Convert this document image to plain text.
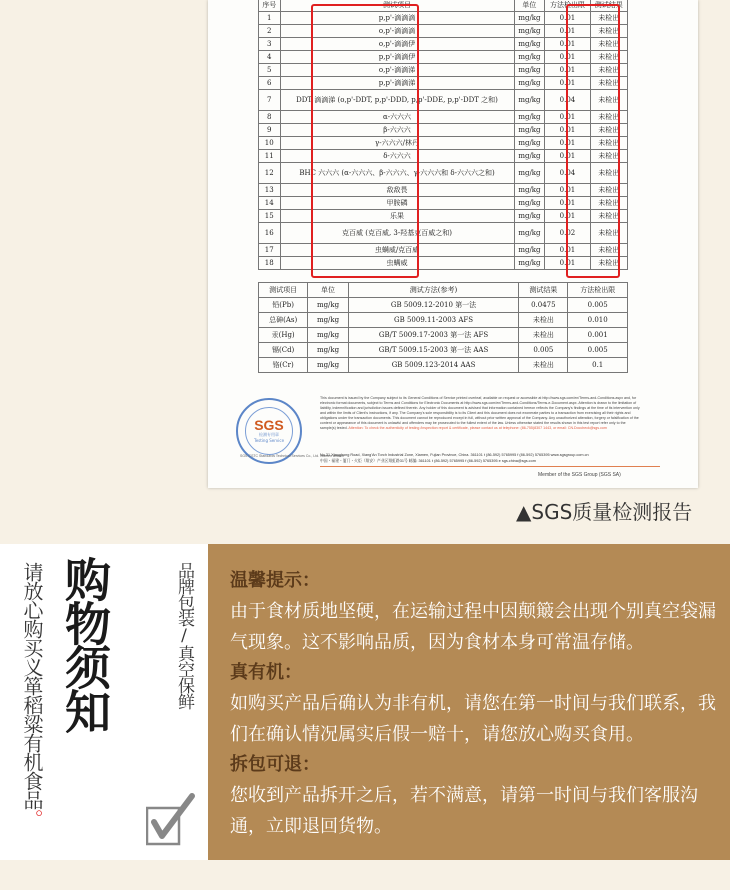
序号	测试项目	单位	方法检出限	测试结果
1	p,p'-滴滴滴	mg/kg	0.01	未检出
2	o,p'-滴滴滴	mg/kg	0.01	未检出
3	o,p'-滴滴伊	mg/kg	0.01	未检出
4	p,p'-滴滴伊	mg/kg	0.01	未检出
5	o,p'-滴滴涕	mg/kg	0.01	未检出
6	p,p'-滴滴涕	mg/kg	0.01	未检出
7	DDT 滴滴涕 (o,p'-DDT, p,p'-DDD, p,p'-DDE, p,p'-DDT 之和)	mg/kg	0.04	未检出
8	α-六六六	mg/kg	0.01	未检出
9	β-六六六	mg/kg	0.01	未检出
10	γ-六六六/林丹	mg/kg	0.01	未检出
11	δ-六六六	mg/kg	0.01	未检出
12	BHC 六六六 (α-六六六、β-六六六、γ-六六六和 δ-六六六之和)	mg/kg	0.04	未检出
13	敌敌畏	mg/kg	0.01	未检出
14	甲胺磷	mg/kg	0.01	未检出
15	乐果	mg/kg	0.01	未检出
16	克百威 (克百威, 3-羟基克百威之和)	mg/kg	0.02	未检出
17	虫螨威/克百威	mg/kg	0.01	未检出
18	虫螨威	mg/kg	0.01	未检出
测试项目	单位	测试方法(参考)	测试结果	方法检出限
铅(Pb)	mg/kg	GB 5009.12-2010 第一法	0.0475	0.005
总砷(As)	mg/kg	GB 5009.11-2003 AFS	未检出	0.010
汞(Hg)	mg/kg	GB/T 5009.17-2003 第一法 AFS	未检出	0.001
镉(Cd)	mg/kg	GB/T 5009.15-2003 第一法 AAS	0.005	0.005
铬(Cr)	mg/kg	GB 5009.123-2014 AAS	未检出	0.1
SGS
检测专用章
Testing Service
SGS-CSTC Standards Technical Services Co., Ltd. Xiamen Branch
This document is issued by the Company subject to its General Conditions of Service printed overleaf, available on request or accessible at http://www.sgs.com/en/Terms-and-Conditions.aspx and, for electronic format documents, subject to Terms and Conditions for Electronic Documents at http://www.sgs.com/en/Terms-and-Conditions/Terms-e-Document.aspx. Attention is drawn to the limitation of liability, indemnification and jurisdiction issues defined therein. Any holder of this document is advised that information contained hereon reflects the Company's findings at the time of its intervention only and within the limits of Client's instructions, if any. The Company's sole responsibility is to its Client and this document does not exonerate parties to a transaction from exercising all their rights and obligations under the transaction documents. This document cannot be reproduced except in full, without prior written approval of the Company. Any unauthorized alteration, forgery or falsification of the content or appearance of this document is unlawful and offenders may be prosecuted to the fullest extent of the law. Unless otherwise stated the results shown in this test report refer only to the sample(s) tested. Attention: To check the authenticity of testing /inspection report & certificate, please contact us at telephone: (86-755)8307 1443, or email: CN.Doccheck@sgs.com
No.31 Xianghong Road, Xiang'An Torch Industrial Zone, Xiamen, Fujian Province, China. 361101 t (86-592) 5765995 f (86-592) 5765395 www.sgsgroup.com.cn
中国・福建・厦门・火炬（翔安）产业区翔虹路31号 邮编: 361101 t (86-592) 5765995 f (86-592) 5765395 e sgs.china@sgs.com
Member of the SGS Group (SGS SA)
▲SGS质量检测报告
请放心购买义箪稻粱有机食品。
购物须知	品牌包装/真空保鲜 温馨提示：
由于食材质地坚硬，在运输过程中因颠簸会出现个别真空袋漏气现象。这不影响品质，因为食材本身可常温存储。
真有机：
如购买产品后确认为非有机，请您在第一时间与我们联系，我们在确认情况属实后假一赔十，请您放心购买食用。
拆包可退：
您收到产品拆开之后，若不满意，请第一时间与我们客服沟通，立即退回货物。
